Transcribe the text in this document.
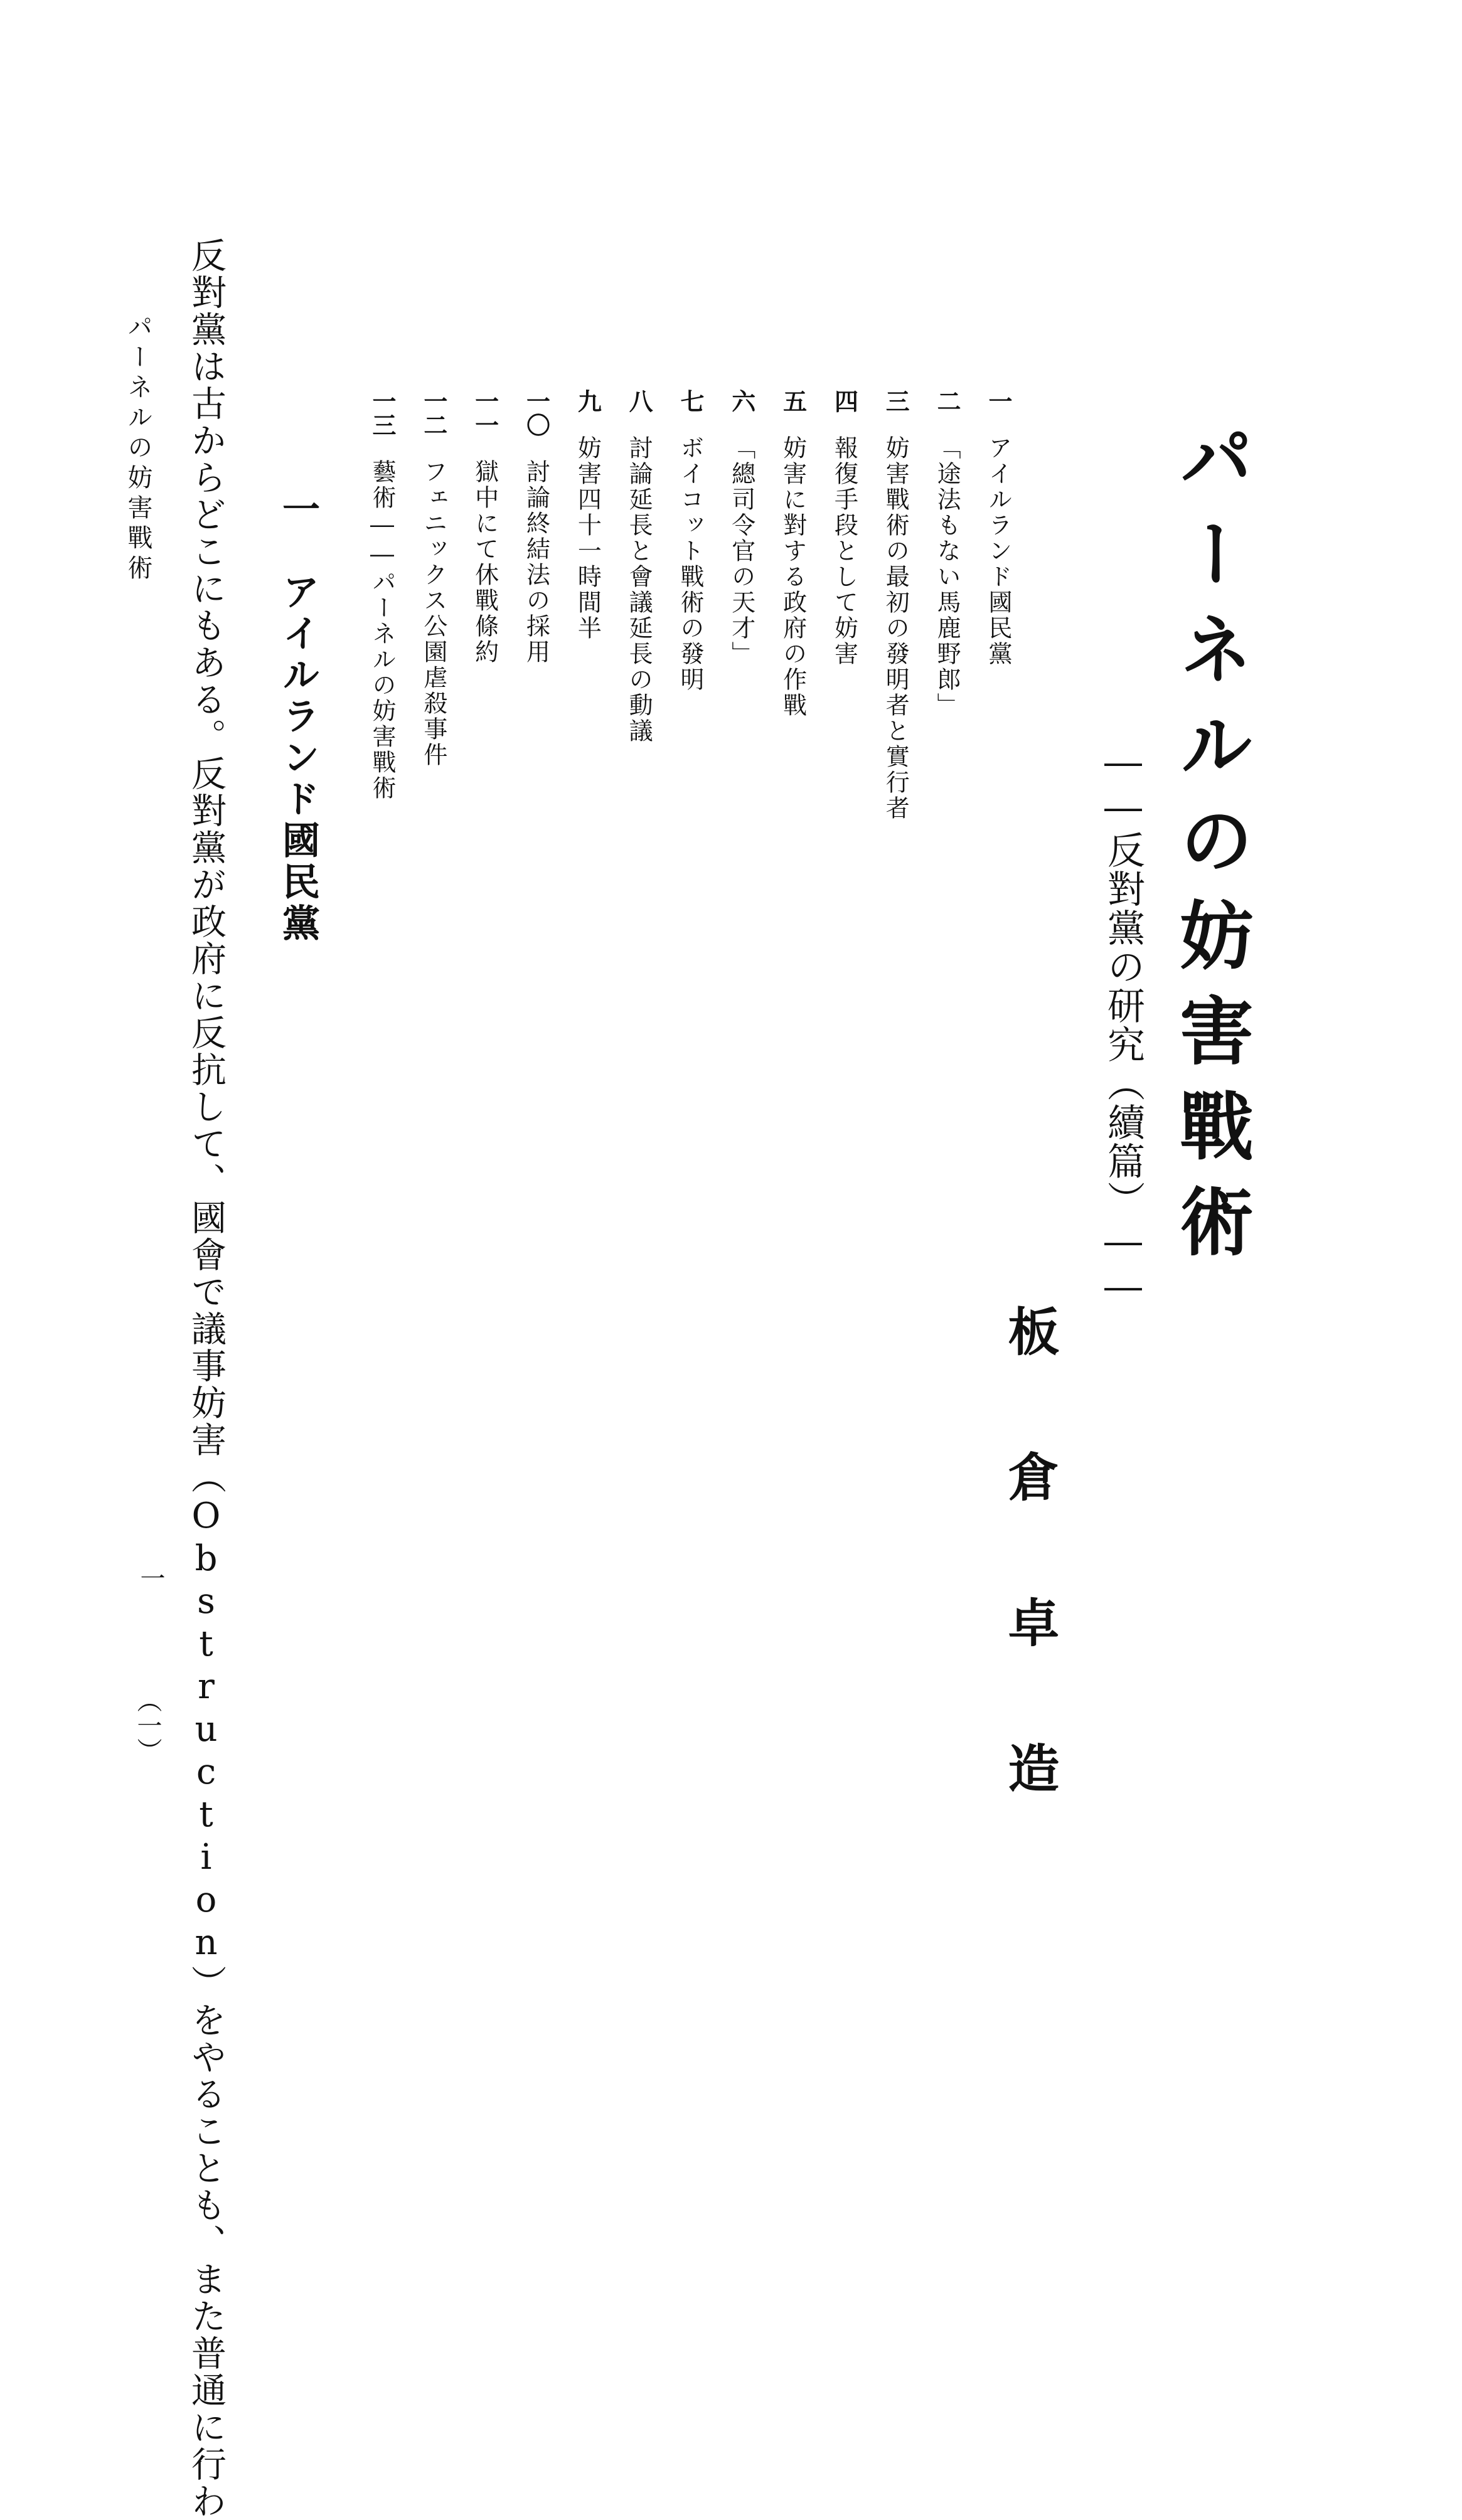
パーネルの妨害戰術
――反對黨の研究（續篇）――
板倉卓造
一
アイルランド國民黨
二
「途法もない馬鹿野郎」
三
妨害戰術の最初の發明者と實行者
四
報復手段として妨害
五
妨害に對する政府の作戰
六
「總司令官の天才」
七
ボイコット戰術の發明
八
討論延長と會議延長の動議
九
妨害四十一時間半
一〇
討論終結法の採用
一一
獄中にて休戰條約
一二
フェニックス公園虐殺事件
一三
藝術――パーネルの妨害戰術
一　アイルランド國民黨
反對黨は古からどこにもある。反對黨が政府に反抗して、國會で議事妨害（Obstruction）をやることも、また普通に行わ
パーネルの妨害戰術
一
（一）
